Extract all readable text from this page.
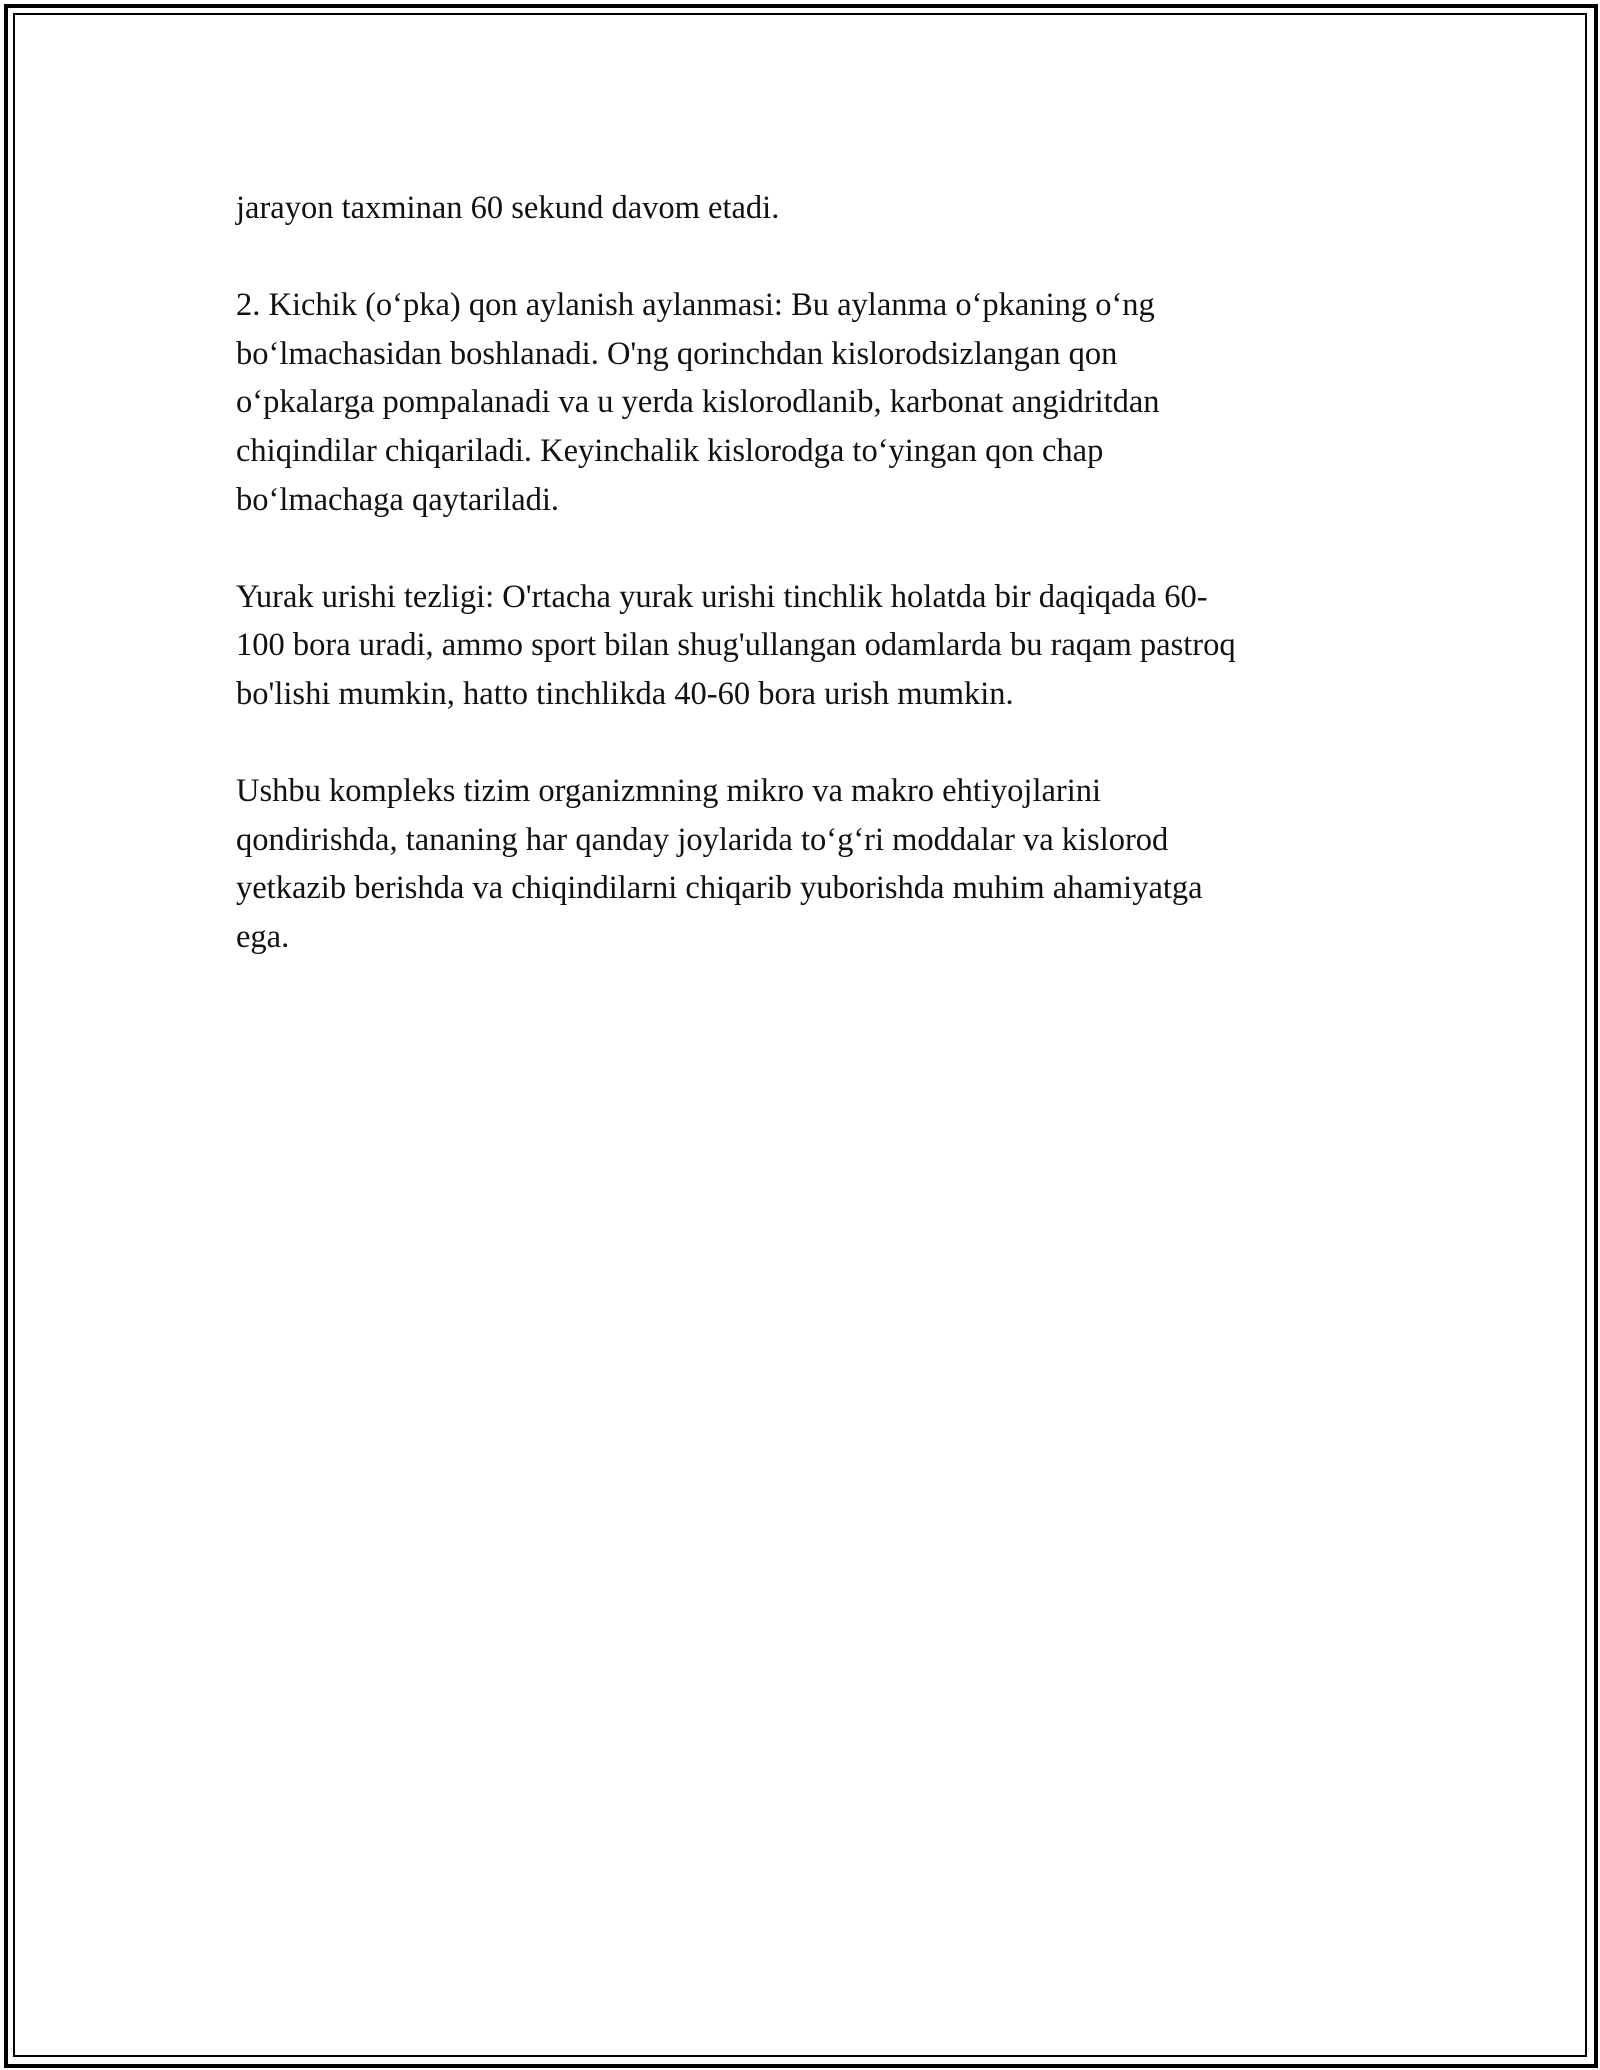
jarayon taxminan 60 sekund davom etadi.

2. Kichik (o‘pka) qon aylanish aylanmasi: Bu aylanma o‘pkaning o‘ng
bo‘lmachasidan boshlanadi. O'ng qorinchdan kislorodsizlangan qon
o‘pkalarga pompalanadi va u yerda kislorodlanib, karbonat angidritdan
chiqindilar chiqariladi. Keyinchalik kislorodga to‘yingan qon chap
bo‘lmachaga qaytariladi.

Yurak urishi tezligi: O'rtacha yurak urishi tinchlik holatda bir daqiqada 60-
100 bora uradi, ammo sport bilan shug'ullangan odamlarda bu raqam pastroq
bo'lishi mumkin, hatto tinchlikda 40-60 bora urish mumkin.

Ushbu kompleks tizim organizmning mikro va makro ehtiyojlarini
qondirishda, tananing har qanday joylarida to‘g‘ri moddalar va kislorod
yetkazib berishda va chiqindilarni chiqarib yuborishda muhim ahamiyatga
ega.
